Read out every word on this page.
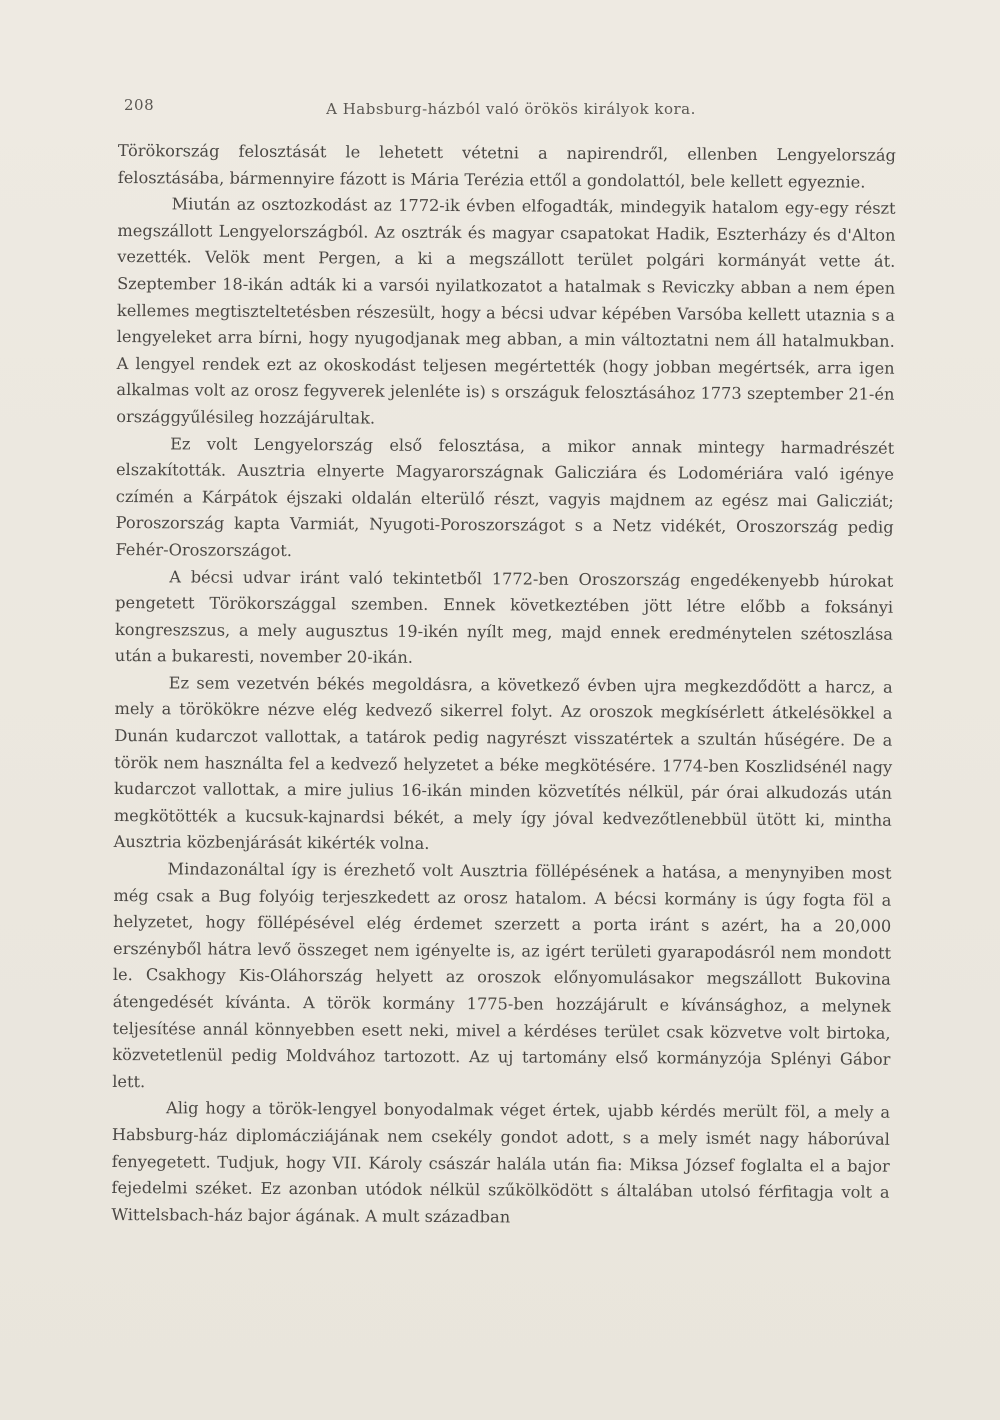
208	A Habsburg-házból való örökös királyok kora.

Törökország felosztását le lehetett vétetni a napirendről, ellenben Lengyelország felosztásába, bármennyire fázott is Mária Terézia ettől a gondolattól, bele kellett egyeznie.

Miután az osztozkodást az 1772-ik évben elfogadták, mindegyik hatalom egy-egy részt megszállott Lengyelországból. Az osztrák és magyar csapatokat Hadik, Eszterházy és d'Alton vezették. Velök ment Pergen, a ki a megszállott terület polgári kormányát vette át. Szeptember 18-ikán adták ki a varsói nyilatkozatot a hatalmak s Reviczky abban a nem épen kellemes megtiszteltetésben részesült, hogy a bécsi udvar képében Varsóba kellett utaznia s a lengyeleket arra bírni, hogy nyugodjanak meg abban, a min változtatni nem áll hatalmukban. A lengyel rendek ezt az okoskodást teljesen megértették (hogy jobban megértsék, arra igen alkalmas volt az orosz fegyverek jelenléte is) s országuk felosztásához 1773 szeptember 21-én országgyűlésileg hozzájárultak.

Ez volt Lengyelország első felosztása, a mikor annak mintegy harmadrészét elszakították. Ausztria elnyerte Magyarországnak Galicziára és Lodomériára való igénye czímén a Kárpátok éjszaki oldalán elterülő részt, vagyis majdnem az egész mai Galicziát; Poroszország kapta Varmiát, Nyugoti-Poroszországot s a Netz vidékét, Oroszország pedig Fehér-Oroszországot.

A bécsi udvar iránt való tekintetből 1772-ben Oroszország engedékenyebb húrokat pengetett Törökországgal szemben. Ennek következtében jött létre előbb a foksányi kongreszszus, a mely augusztus 19-ikén nyílt meg, majd ennek eredménytelen szétoszlása után a bukaresti, november 20-ikán.

Ez sem vezetvén békés megoldásra, a következő évben ujra megkezdődött a harcz, a mely a törökökre nézve elég kedvező sikerrel folyt. Az oroszok megkísérlett átkelésökkel a Dunán kudarczot vallottak, a tatárok pedig nagyrészt visszatértek a szultán hűségére. De a török nem használta fel a kedvező helyzetet a béke megkötésére. 1774-ben Koszlidsénél nagy kudarczot vallottak, a mire julius 16-ikán minden közvetítés nélkül, pár órai alkudozás után megkötötték a kucsuk-kajnardsi békét, a mely így jóval kedvezőtlenebbül ütött ki, mintha Ausztria közbenjárását kikérték volna.

Mindazonáltal így is érezhető volt Ausztria föllépésének a hatása, a menynyiben most még csak a Bug folyóig terjeszkedett az orosz hatalom. A bécsi kormány is úgy fogta föl a helyzetet, hogy föllépésével elég érdemet szerzett a porta iránt s azért, ha a 20,000 erszényből hátra levő összeget nem igényelte is, az igért területi gyarapodásról nem mondott le. Csakhogy Kis-Oláhország helyett az oroszok előnyomulásakor megszállott Bukovina átengedését kívánta. A török kormány 1775-ben hozzájárult e kívánsághoz, a melynek teljesítése annál könnyebben esett neki, mivel a kérdéses terület csak közvetve volt birtoka, közvetetlenül pedig Moldvához tartozott. Az uj tartomány első kormányzója Splényi Gábor lett.

Alig hogy a török-lengyel bonyodalmak véget értek, ujabb kérdés merült föl, a mely a Habsburg-ház diplomácziájának nem csekély gondot adott, s a mely ismét nagy háborúval fenyegetett. Tudjuk, hogy VII. Károly császár halála után fia: Miksa József foglalta el a bajor fejedelmi széket. Ez azonban utódok nélkül szűkölködött s általában utolsó férfitagja volt a Wittelsbach-ház bajor ágának. A mult században
